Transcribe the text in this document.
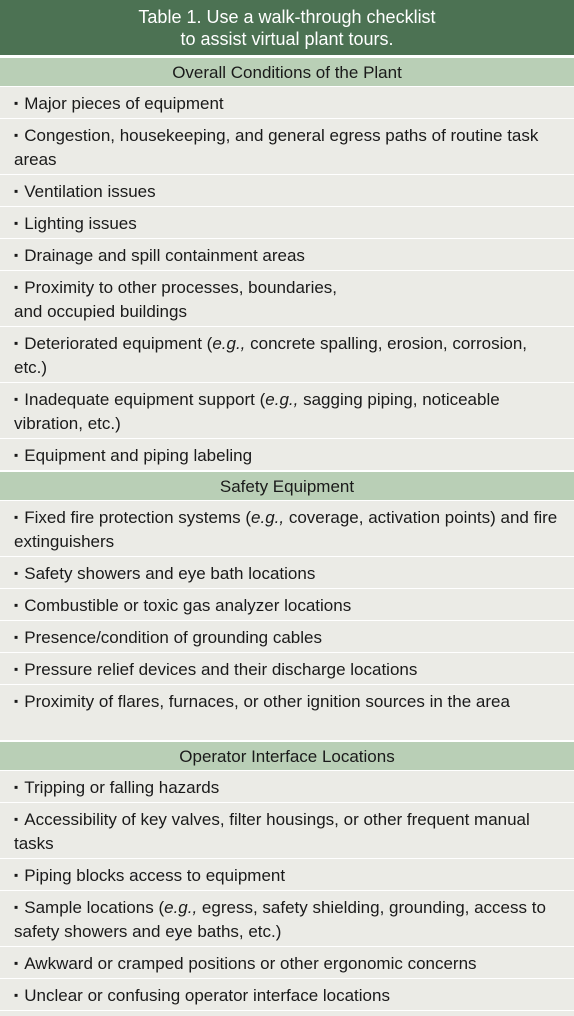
Table 1. Use a walk-through checklist
to assist virtual plant tours.
Overall Conditions of the Plant
▪ Major pieces of equipment
▪ Congestion, housekeeping, and general egress paths of routine task areas
▪ Ventilation issues
▪ Lighting issues
▪ Drainage and spill containment areas
▪ Proximity to other processes, boundaries,
and occupied buildings
▪ Deteriorated equipment (e.g., concrete spalling, erosion, corrosion, etc.)
▪ Inadequate equipment support (e.g., sagging piping, noticeable vibration, etc.)
▪ Equipment and piping labeling
Safety Equipment
▪ Fixed fire protection systems (e.g., coverage, activation points) and fire extinguishers
▪ Safety showers and eye bath locations
▪ Combustible or toxic gas analyzer locations
▪ Presence/condition of grounding cables
▪ Pressure relief devices and their discharge locations
▪ Proximity of flares, furnaces, or other ignition sources in the area
Operator Interface Locations
▪ Tripping or falling hazards
▪ Accessibility of key valves, filter housings, or other frequent manual tasks
▪ Piping blocks access to equipment
▪ Sample locations (e.g., egress, safety shielding, grounding, access to safety showers and eye baths, etc.)
▪ Awkward or cramped positions or other ergonomic concerns
▪ Unclear or confusing operator interface locations
